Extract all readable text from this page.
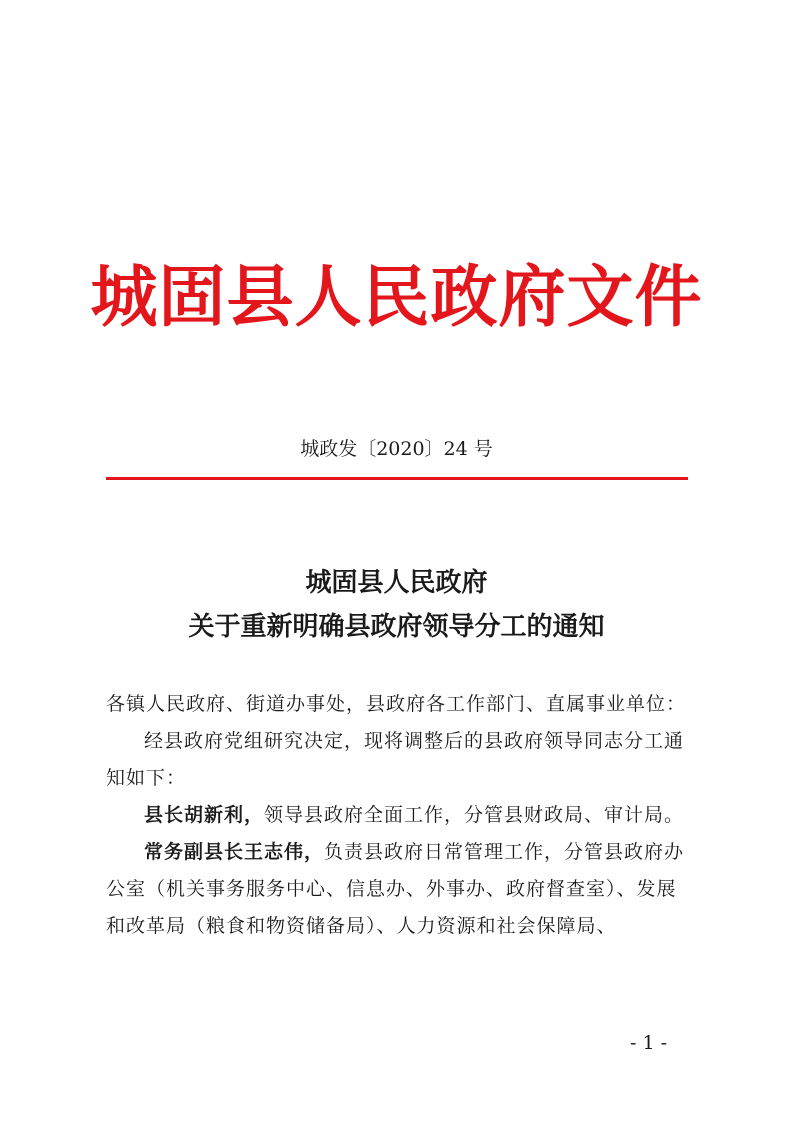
城固县人民政府文件
城政发〔2020〕24 号
城固县人民政府
关于重新明确县政府领导分工的通知

各镇人民政府、街道办事处，县政府各工作部门、直属事业单位：

经县政府党组研究决定，现将调整后的县政府领导同志分工通知如下：

县长胡新利，领导县政府全面工作，分管县财政局、审计局。

常务副县长王志伟，负责县政府日常管理工作，分管县政府办公室（机关事务服务中心、信息办、外事办、政府督查室）、发展和改革局（粮食和物资储备局）、人力资源和社会保障局、

- 1 -
